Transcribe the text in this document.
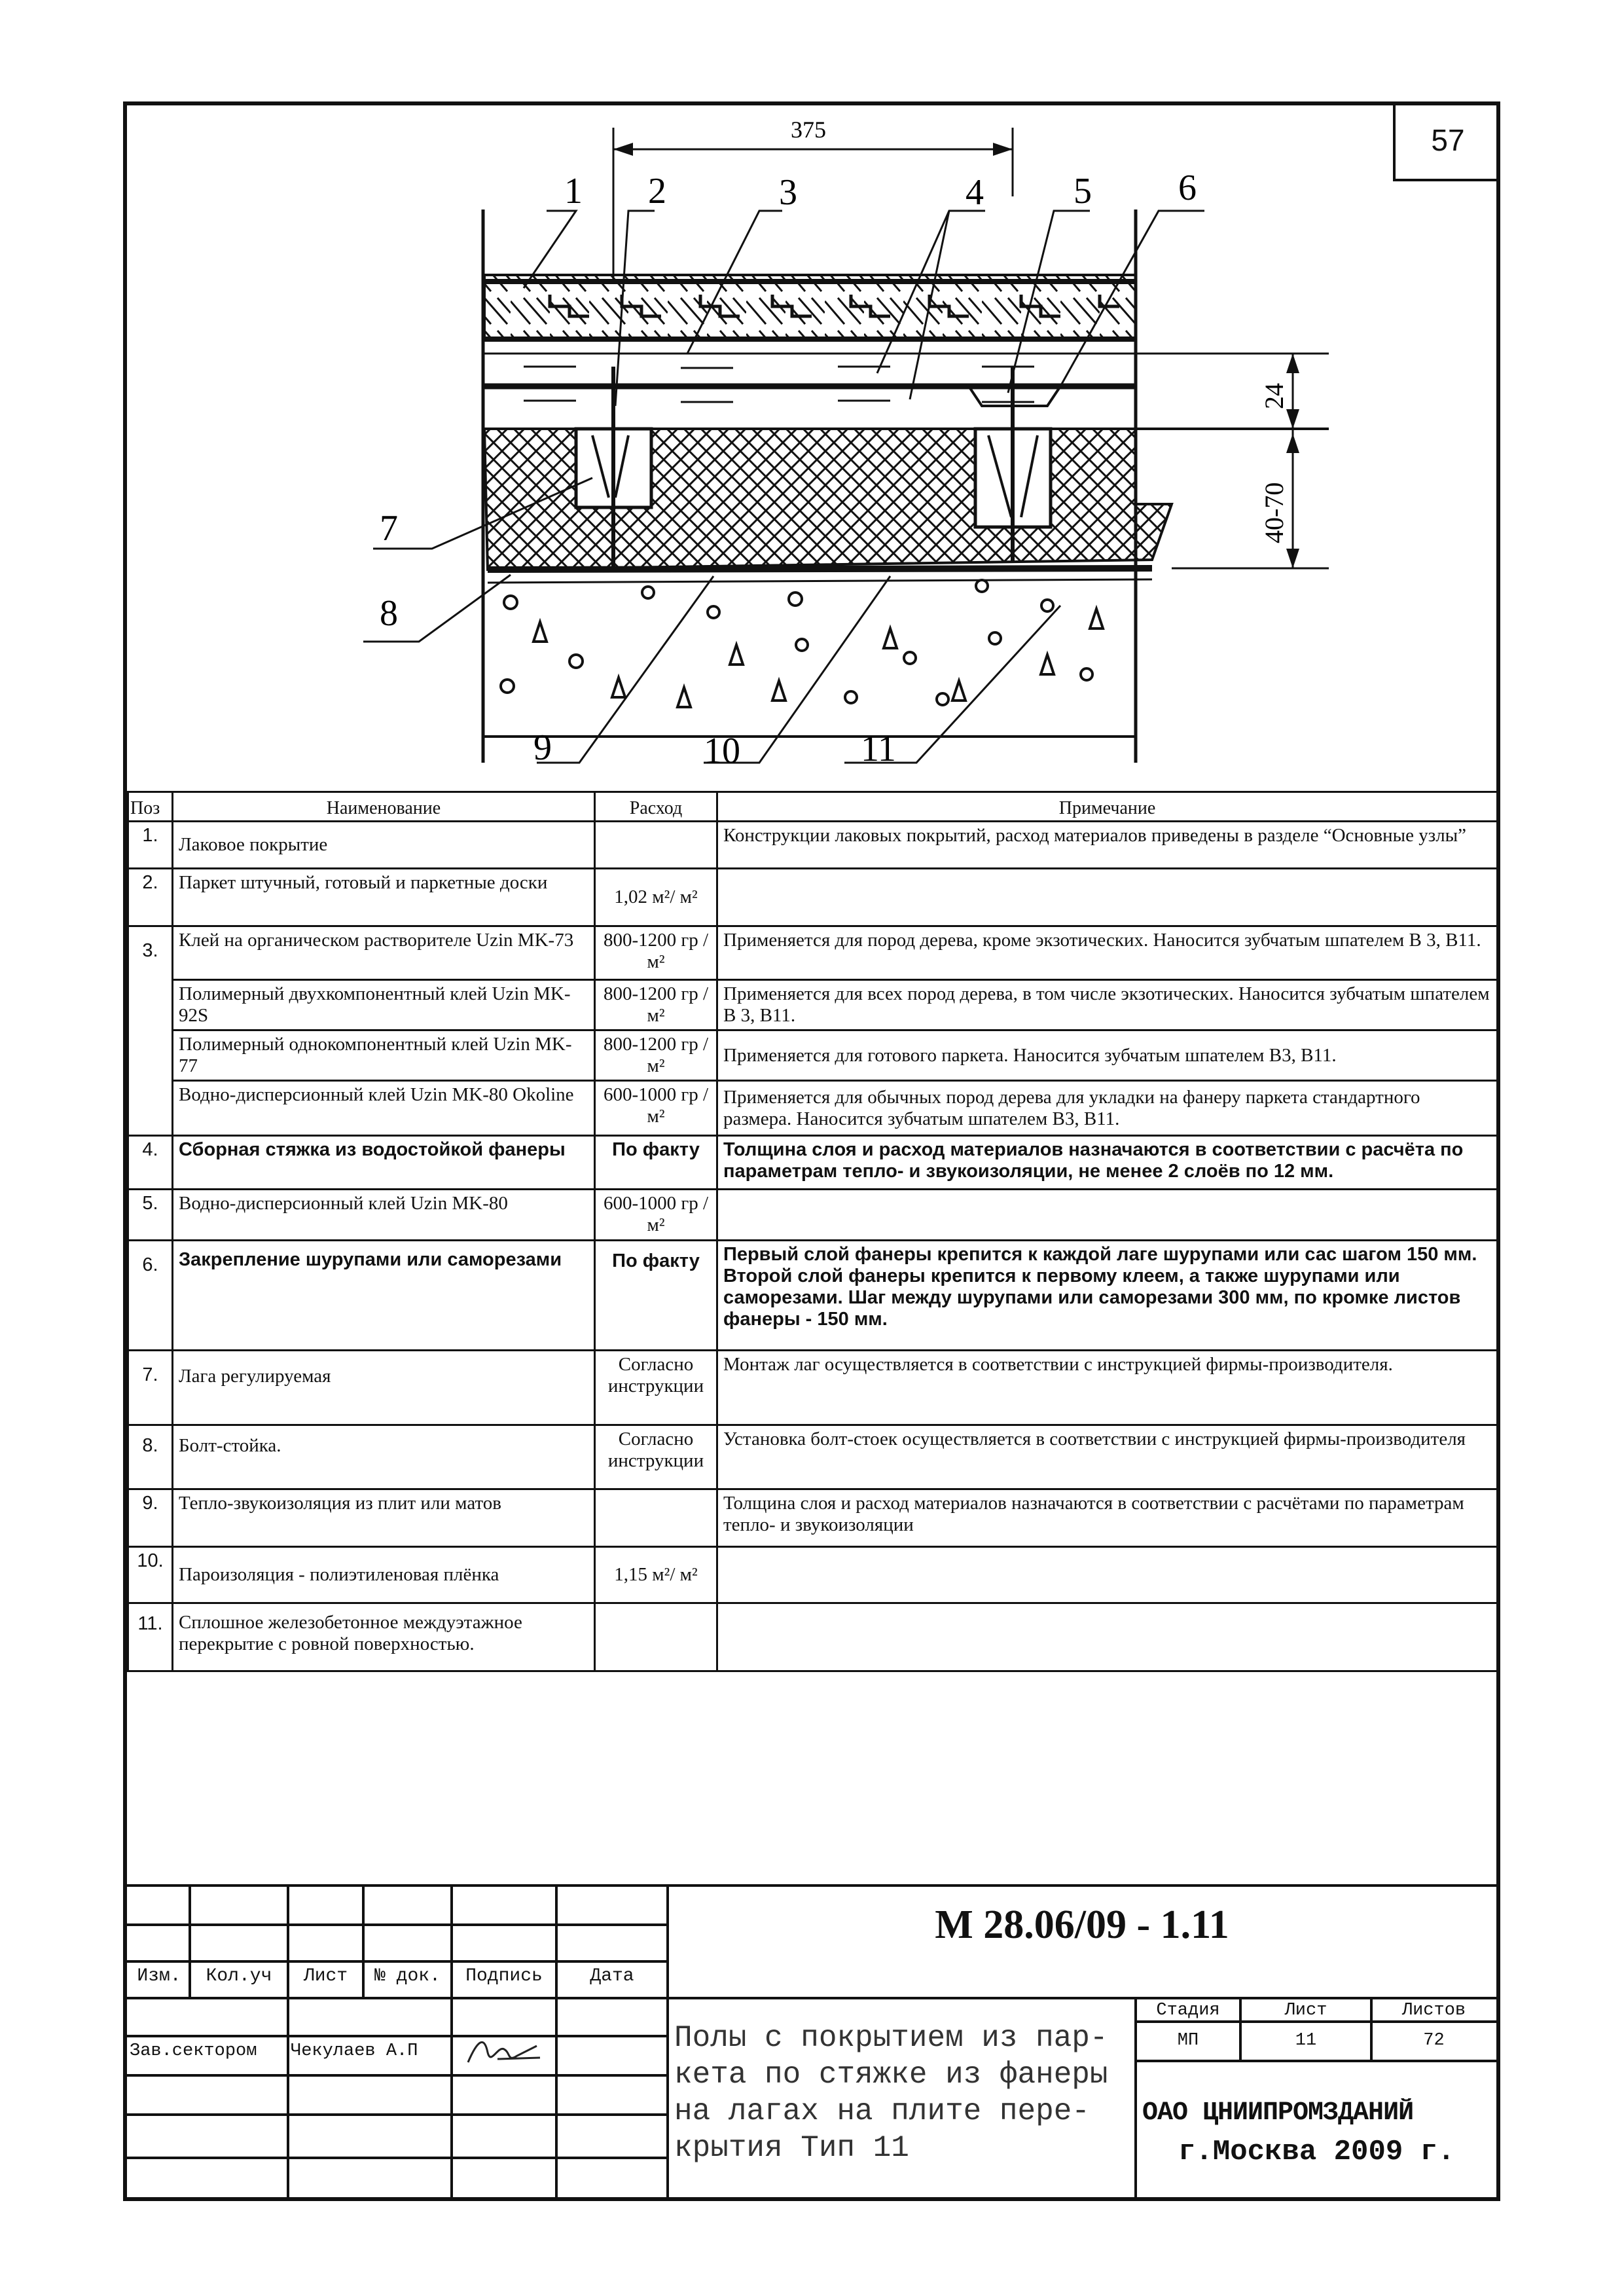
57
375
24
40-70
1 2	3	4 5 6
7
8
9	10	11
Поз	Наименование	Расход	Примечание
1.	Лаковое покрытие		Конструкции лаковых покрытий, расход материалов приведены в разделе “Основные узлы”
2.	Паркет штучный, готовый и паркетные доски	1,02 м²/ м²	
3.	Клей на органическом растворителе Uzin MK-73	800-1200 гр / м²	Применяется для пород дерева, кроме экзотических. Наносится зубчатым шпателем В 3, В11.
	Полимерный двухкомпонентный клей Uzin MK-92S	800-1200 гр / м²	Применяется для всех пород дерева, в том числе экзотических. Наносится зубчатым шпателем В 3, В11.
	Полимерный однокомпонентный клей Uzin MK-77	800-1200 гр / м²	Применяется для готового паркета. Наносится зубчатым шпателем В3, В11.
	Водно-дисперсионный клей Uzin MK-80 Okoline	600-1000 гр / м²	Применяется для обычных пород дерева для укладки на фанеру паркета стандартного размера. Наносится зубчатым шпателем В3, В11.
4.	Сборная стяжка из водостойкой фанеры	По факту	Толщина слоя и расход материалов назначаются в соответствии с расчёта по параметрам тепло- и звукоизоляции, не менее 2 слоёв по 12 мм.
5.	Водно-дисперсионный клей Uzin MK-80	600-1000 гр / м²	
6.	Закрепление шурупами или саморезами	По факту	Первый слой фанеры крепится к каждой лаге шурупами или сас шагом 150 мм. Второй слой фанеры крепится к первому клеем, а также шурупами или саморезами. Шаг между шурупами или саморезами 300 мм, по кромке листов фанеры - 150 мм.
7.	Лага регулируемая	Согласно инструкции	Монтаж лаг осуществляется в соответствии с инструкцией фирмы-производителя.
8.	Болт-стойка.	Согласно инструкции	Установка болт-стоек осуществляется в соответствии с инструкцией фирмы-производителя
9.	Тепло-звукоизоляция из плит или матов		Толщина слоя и расход материалов назначаются в соответствии с расчётами по параметрам тепло- и звукоизоляции
10.	Пароизоляция - полиэтиленовая плёнка	1,15 м²/ м²	
11.	Сплошное железобетонное междуэтажное перекрытие с ровной поверхностью.		
М 28.06/09 - 1.11
Изм.	Кол.уч	Лист	№ док.	Подпись	Дата
Зав.сектором	Чекулаев А.П	Полы с покрытием из пар-
кета по стяжке из фанеры
на лагах на плите пере-
крытия Тип 11
Стадия	Лист	Листов
МП	11	72
ОАО ЦНИИПРОМЗДАНИЙ
г.Москва 2009 г.
